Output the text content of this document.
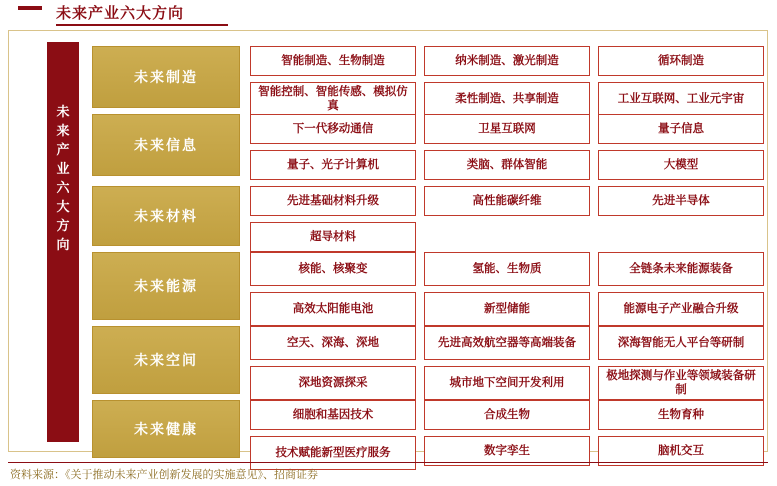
未来产业六大方向
未
来
产
业
六
大
方
向
未来制造
智能制造、生物制造
智能控制、智能传感、模拟仿真
纳米制造、激光制造
柔性制造、共享制造
循环制造
工业互联网、工业元宇宙
未来信息
下一代移动通信
量子、光子计算机
卫星互联网
类脑、群体智能
量子信息
大模型
未来材料
先进基础材料升级
超导材料
高性能碳纤维	先进半导体
未来能源
核能、核聚变
高效太阳能电池
氢能、生物质
新型储能
全链条未来能源装备
能源电子产业融合升级
未来空间
空天、深海、深地
深地资源探采
先进高效航空器等高端装备
城市地下空间开发利用
深海智能无人平台等研制
极地探测与作业等领域装备研制
未来健康
细胞和基因技术
技术赋能新型医疗服务
合成生物
数字孪生
生物育种
脑机交互
资料来源：《关于推动未来产业创新发展的实施意见》、招商证券
